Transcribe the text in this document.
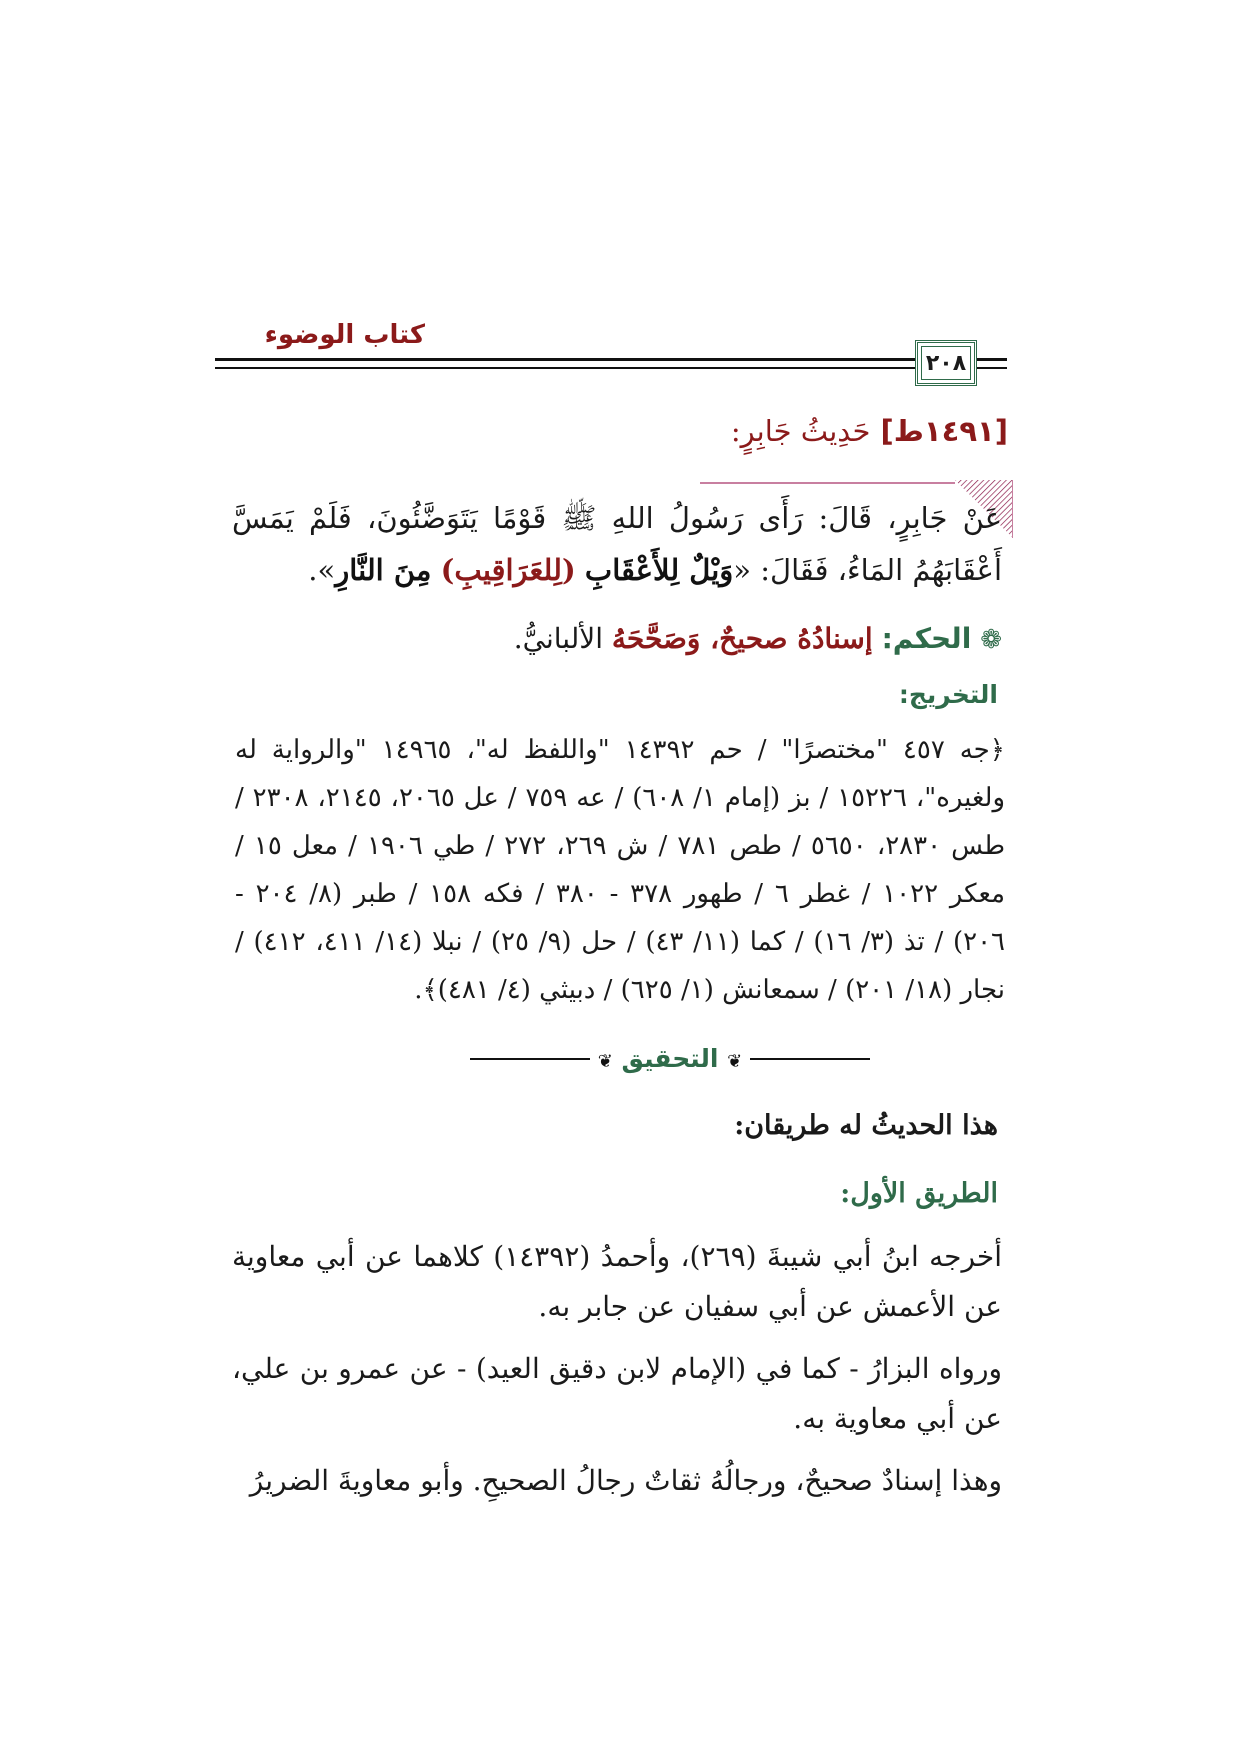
كتاب الوضوء
٢٠٨
[١٤٩١ط] حَدِيثُ جَابِرٍ:
عَنْ جَابِرٍ، قَالَ: رَأَى رَسُولُ اللهِ ﷺ قَوْمًا يَتَوَضَّئُونَ، فَلَمْ يَمَسَّ أَعْقَابَهُمُ المَاءُ، فَقَالَ: «وَيْلٌ لِلأَعْقَابِ (لِلعَرَاقِيبِ) مِنَ النَّارِ».
❁ الحكم: إسنادُهُ صحيحٌ، وَصَحَّحَهُ الألبانيُّ.
التخريج:
﴿جه ٤٥٧ "مختصرًا" / حم ١٤٣٩٢ "واللفظ له"، ١٤٩٦٥ "والرواية له ولغيره"، ١٥٢٢٦ / بز (إمام ١/ ٦٠٨) / عه ٧٥٩ / عل ٢٠٦٥، ٢١٤٥، ٢٣٠٨ / طس ٢٨٣٠، ٥٦٥٠ / طص ٧٨١ / ش ٢٦٩، ٢٧٢ / طي ١٩٠٦ / معل ١٥ / معكر ١٠٢٢ / غطر ٦ / طهور ٣٧٨ - ٣٨٠ / فكه ١٥٨ / طبر (٨/ ٢٠٤ - ٢٠٦) / تذ (٣/ ١٦) / كما (١١/ ٤٣) / حل (٩/ ٢٥) / نبلا (١٤/ ٤١١، ٤١٢) / نجار (١٨/ ٢٠١) / سمعانش (١/ ٦٢٥) / دبيثي (٤/ ٤٨١)﴾.
❦ التحقيق ❦
هذا الحديثُ له طريقان:
الطريق الأول:
أخرجه ابنُ أبي شيبةَ (٢٦٩)، وأحمدُ (١٤٣٩٢) كلاهما عن أبي معاوية عن الأعمش عن أبي سفيان عن جابر به.
ورواه البزارُ - كما في (الإمام لابن دقيق العيد) - عن عمرو بن علي، عن أبي معاوية به.
وهذا إسنادٌ صحيحٌ، ورجالُهُ ثقاتٌ رجالُ الصحيحِ. وأبو معاويةَ الضريرُ
